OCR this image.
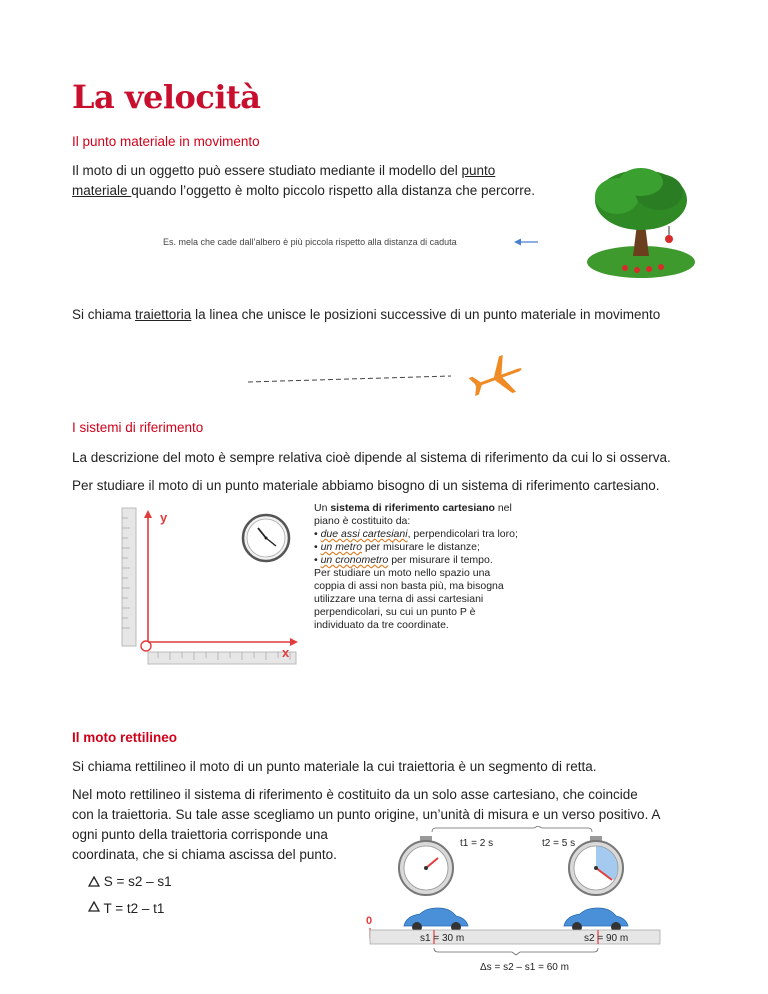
La velocità
Il punto materiale in movimento
Il moto di un oggetto può essere studiato mediante il modello del punto
materiale quando l’oggetto è molto piccolo rispetto alla distanza che percorre.
Es. mela che cade dall’albero è più piccola rispetto alla distanza di caduta
Si chiama traiettoria la linea che unisce le posizioni successive di un punto materiale in movimento
I sistemi di riferimento
La descrizione del moto è sempre relativa cioè dipende al sistema di riferimento da cui lo si osserva.
Per studiare il moto di un punto materiale abbiamo bisogno di un sistema di riferimento cartesiano.
y
x
Un sistema di riferimento cartesiano nel
piano è costituito da:
• due assi cartesiani, perpendicolari tra loro;
• un metro per misurare le distanze;
• un cronometro per misurare il tempo.
Per studiare un moto nello spazio una
coppia di assi non basta più, ma bisogna
utilizzare una terna di assi cartesiani
perpendicolari, su cui un punto P è
individuato da tre coordinate.
Il moto rettilineo
Si chiama rettilineo il moto di un punto materiale la cui traiettoria è un segmento di retta.
Nel moto rettilineo il sistema di riferimento è costituito da un solo asse cartesiano, che coincide
con la traiettoria. Su tale asse scegliamo un punto origine, un’unità di misura e un verso positivo. A
ogni punto della traiettoria corrisponde una
coordinata, che si chiama ascissa del punto.
S = s2 – s1
T = t2 – t1
t1 = 2 s	t2 = 5 s
0
s1 = 30 m	s2 = 90 m
Δs = s2 – s1 = 60 m
